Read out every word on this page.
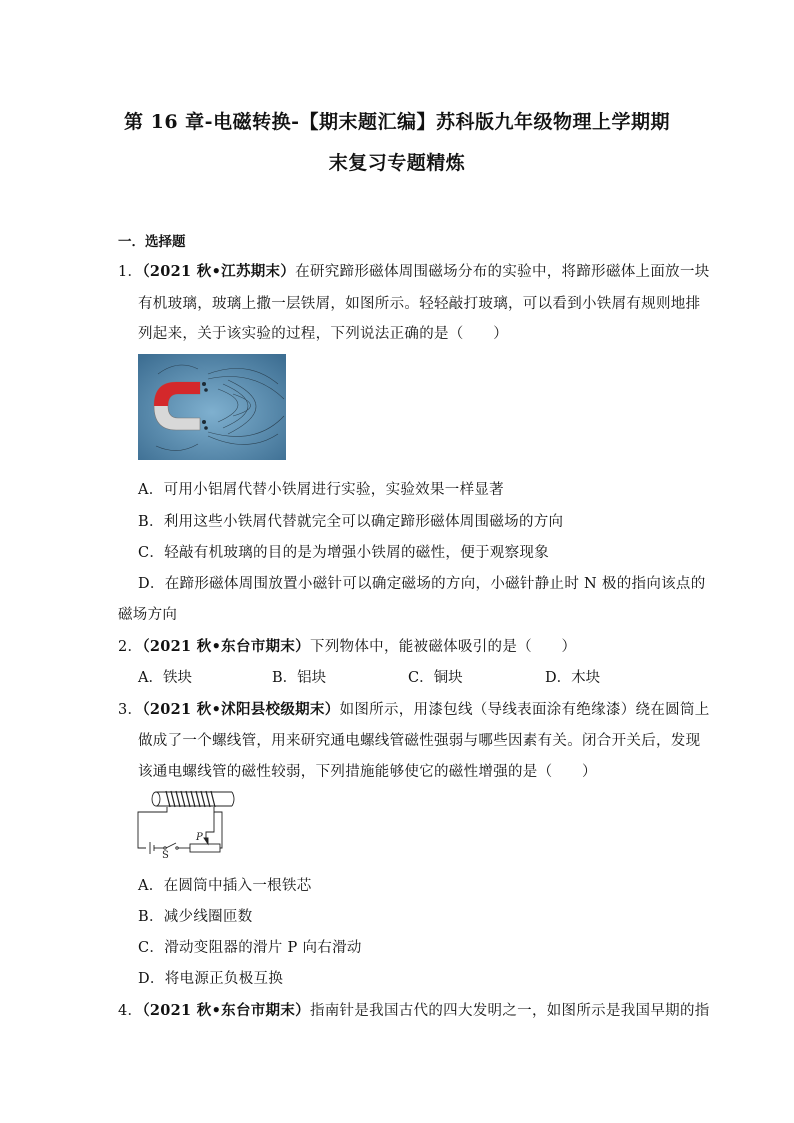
第 16 章-电磁转换-【期末题汇编】苏科版九年级物理上学期期
末复习专题精炼
一．选择题
1．（2021 秋•江苏期末）在研究蹄形磁体周围磁场分布的实验中，将蹄形磁体上面放一块
有机玻璃，玻璃上撒一层铁屑，如图所示。轻轻敲打玻璃，可以看到小铁屑有规则地排
列起来，关于该实验的过程，下列说法正确的是（　　）
A．可用小铝屑代替小铁屑进行实验，实验效果一样显著
B．利用这些小铁屑代替就完全可以确定蹄形磁体周围磁场的方向
C．轻敲有机玻璃的目的是为增强小铁屑的磁性，便于观察现象
D．在蹄形磁体周围放置小磁针可以确定磁场的方向，小磁针静止时 N 极的指向该点的
磁场方向
2．（2021 秋•东台市期末）下列物体中，能被磁体吸引的是（　　）
A．铁块	B．铝块	C．铜块	D．木块
3．（2021 秋•沭阳县校级期末）如图所示，用漆包线（导线表面涂有绝缘漆）绕在圆筒上
做成了一个螺线管，用来研究通电螺线管磁性强弱与哪些因素有关。闭合开关后，发现
该通电螺线管的磁性较弱，下列措施能够使它的磁性增强的是（　　）
P
S
A．在圆筒中插入一根铁芯
B．减少线圈匝数
C．滑动变阻器的滑片 P 向右滑动
D．将电源正负极互换
4．（2021 秋•东台市期末）指南针是我国古代的四大发明之一，如图所示是我国早期的指
